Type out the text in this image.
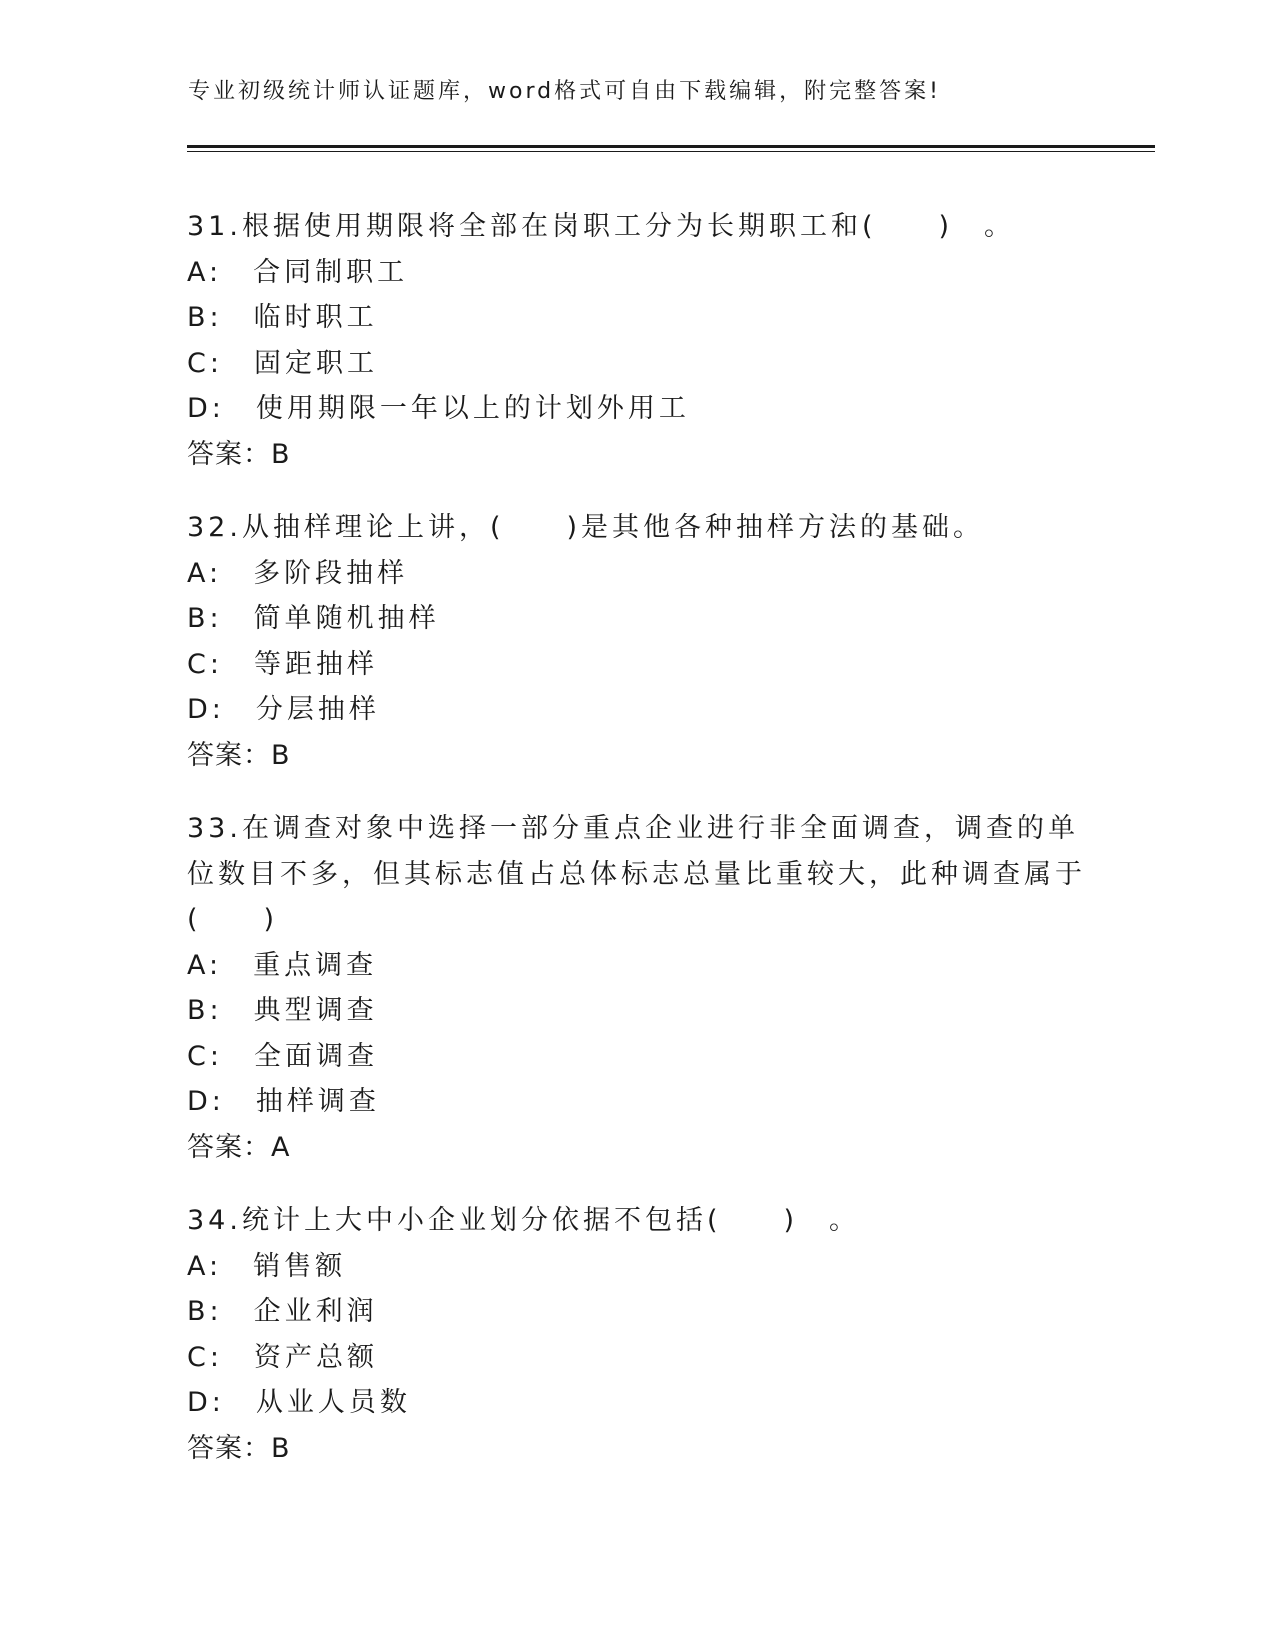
专业初级统计师认证题库，word格式可自由下载编辑，附完整答案!
31.根据使用期限将全部在岗职工分为长期职工和(　　)　。
A:　合同制职工
B:　临时职工
C:　固定职工
D:　使用期限一年以上的计划外用工
答案：B
32.从抽样理论上讲，(　　)是其他各种抽样方法的基础。
A:　多阶段抽样
B:　简单随机抽样
C:　等距抽样
D:　分层抽样
答案：B
33.在调查对象中选择一部分重点企业进行非全面调查，调查的单位数目不多，但其标志值占总体标志总量比重较大，此种调查属于(　　)
A:　重点调查
B:　典型调查
C:　全面调查
D:　抽样调查
答案：A
34.统计上大中小企业划分依据不包括(　　)　。
A:　销售额
B:　企业利润
C:　资产总额
D:　从业人员数
答案：B
